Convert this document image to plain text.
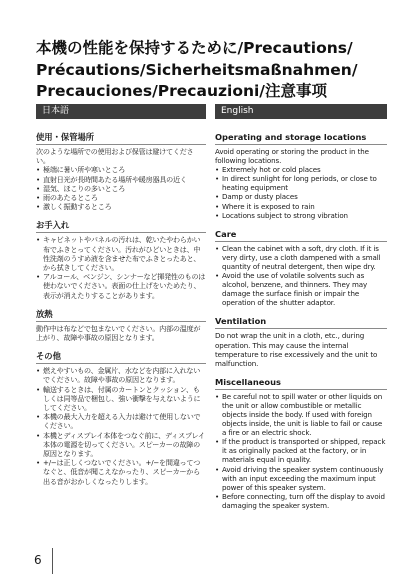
本機の性能を保持するために/Precautions/
Précautions/Sicherheitsmaßnahmen/
Precauciones/Precauzioni/注意事项
日本語
使用・保管場所
次のような場所での使用および保管は避けてください。
• 極端に暑い所や寒いところ
• 直射日光が長時間あたる場所や暖房器具の近く
• 湿気、ほこりの多いところ
• 雨のあたるところ
• 激しく振動するところ
お手入れ
• キャビネットやパネルの汚れは、乾いたやわらかい布でふきとってください。汚れがひどいときは、中性洗剤のうすめ液を含ませた布でふきとったあと、から拭きしてください。
• アルコール、ベンジン、シンナーなど揮発性のものは使わないでください。表面の仕上げをいためたり、表示が消えたりすることがあります。
放熱
動作中は布などで包まないでください。内部の温度が上がり、故障や事故の原因となります。
その他
• 燃えやすいもの、金属片、水などを内部に入れないでください。故障や事故の原因となります。
• 輸送するときは、付属のカートンとクッション、もしくは同等品で梱包し、強い衝撃を与えないようにしてください。
• 本機の最大入力を超える入力は避けて使用しないでください。
• 本機とディスプレイ本体をつなぐ前に、ディスプレイ本体の電源を切ってください。スピーカーの故障の原因となります。
• +/−は正しくつないでください。+/−を間違ってつなぐと、低音が聞こえなかったり、スピーカーから出る音がおかしくなったりします。
English
Operating and storage locations
Avoid operating or storing the product in the following locations.
• Extremely hot or cold places
• In direct sunlight for long periods, or close to heating equipment
• Damp or dusty places
• Where it is exposed to rain
• Locations subject to strong vibration
Care
• Clean the cabinet with a soft, dry cloth. If it is very dirty, use a cloth dampened with a small quantity of neutral detergent, then wipe dry.
• Avoid the use of volatile solvents such as alcohol, benzene, and thinners. They may damage the surface finish or impair the operation of the shutter adaptor.
Ventilation
Do not wrap the unit in a cloth, etc., during operation. This may cause the internal temperature to rise excessively and the unit to malfunction.
Miscellaneous
• Be careful not to spill water or other liquids on the unit or allow combustible or metallic objects inside the body. If used with foreign objects inside, the unit is liable to fail or cause a fire or an electric shock.
• If the product is transported or shipped, repack it as originally packed at the factory, or in materials equal in quality.
• Avoid driving the speaker system continuously with an input exceeding the maximum input power of this speaker system.
• Before connecting, turn off the display to avoid damaging the speaker system.
6
